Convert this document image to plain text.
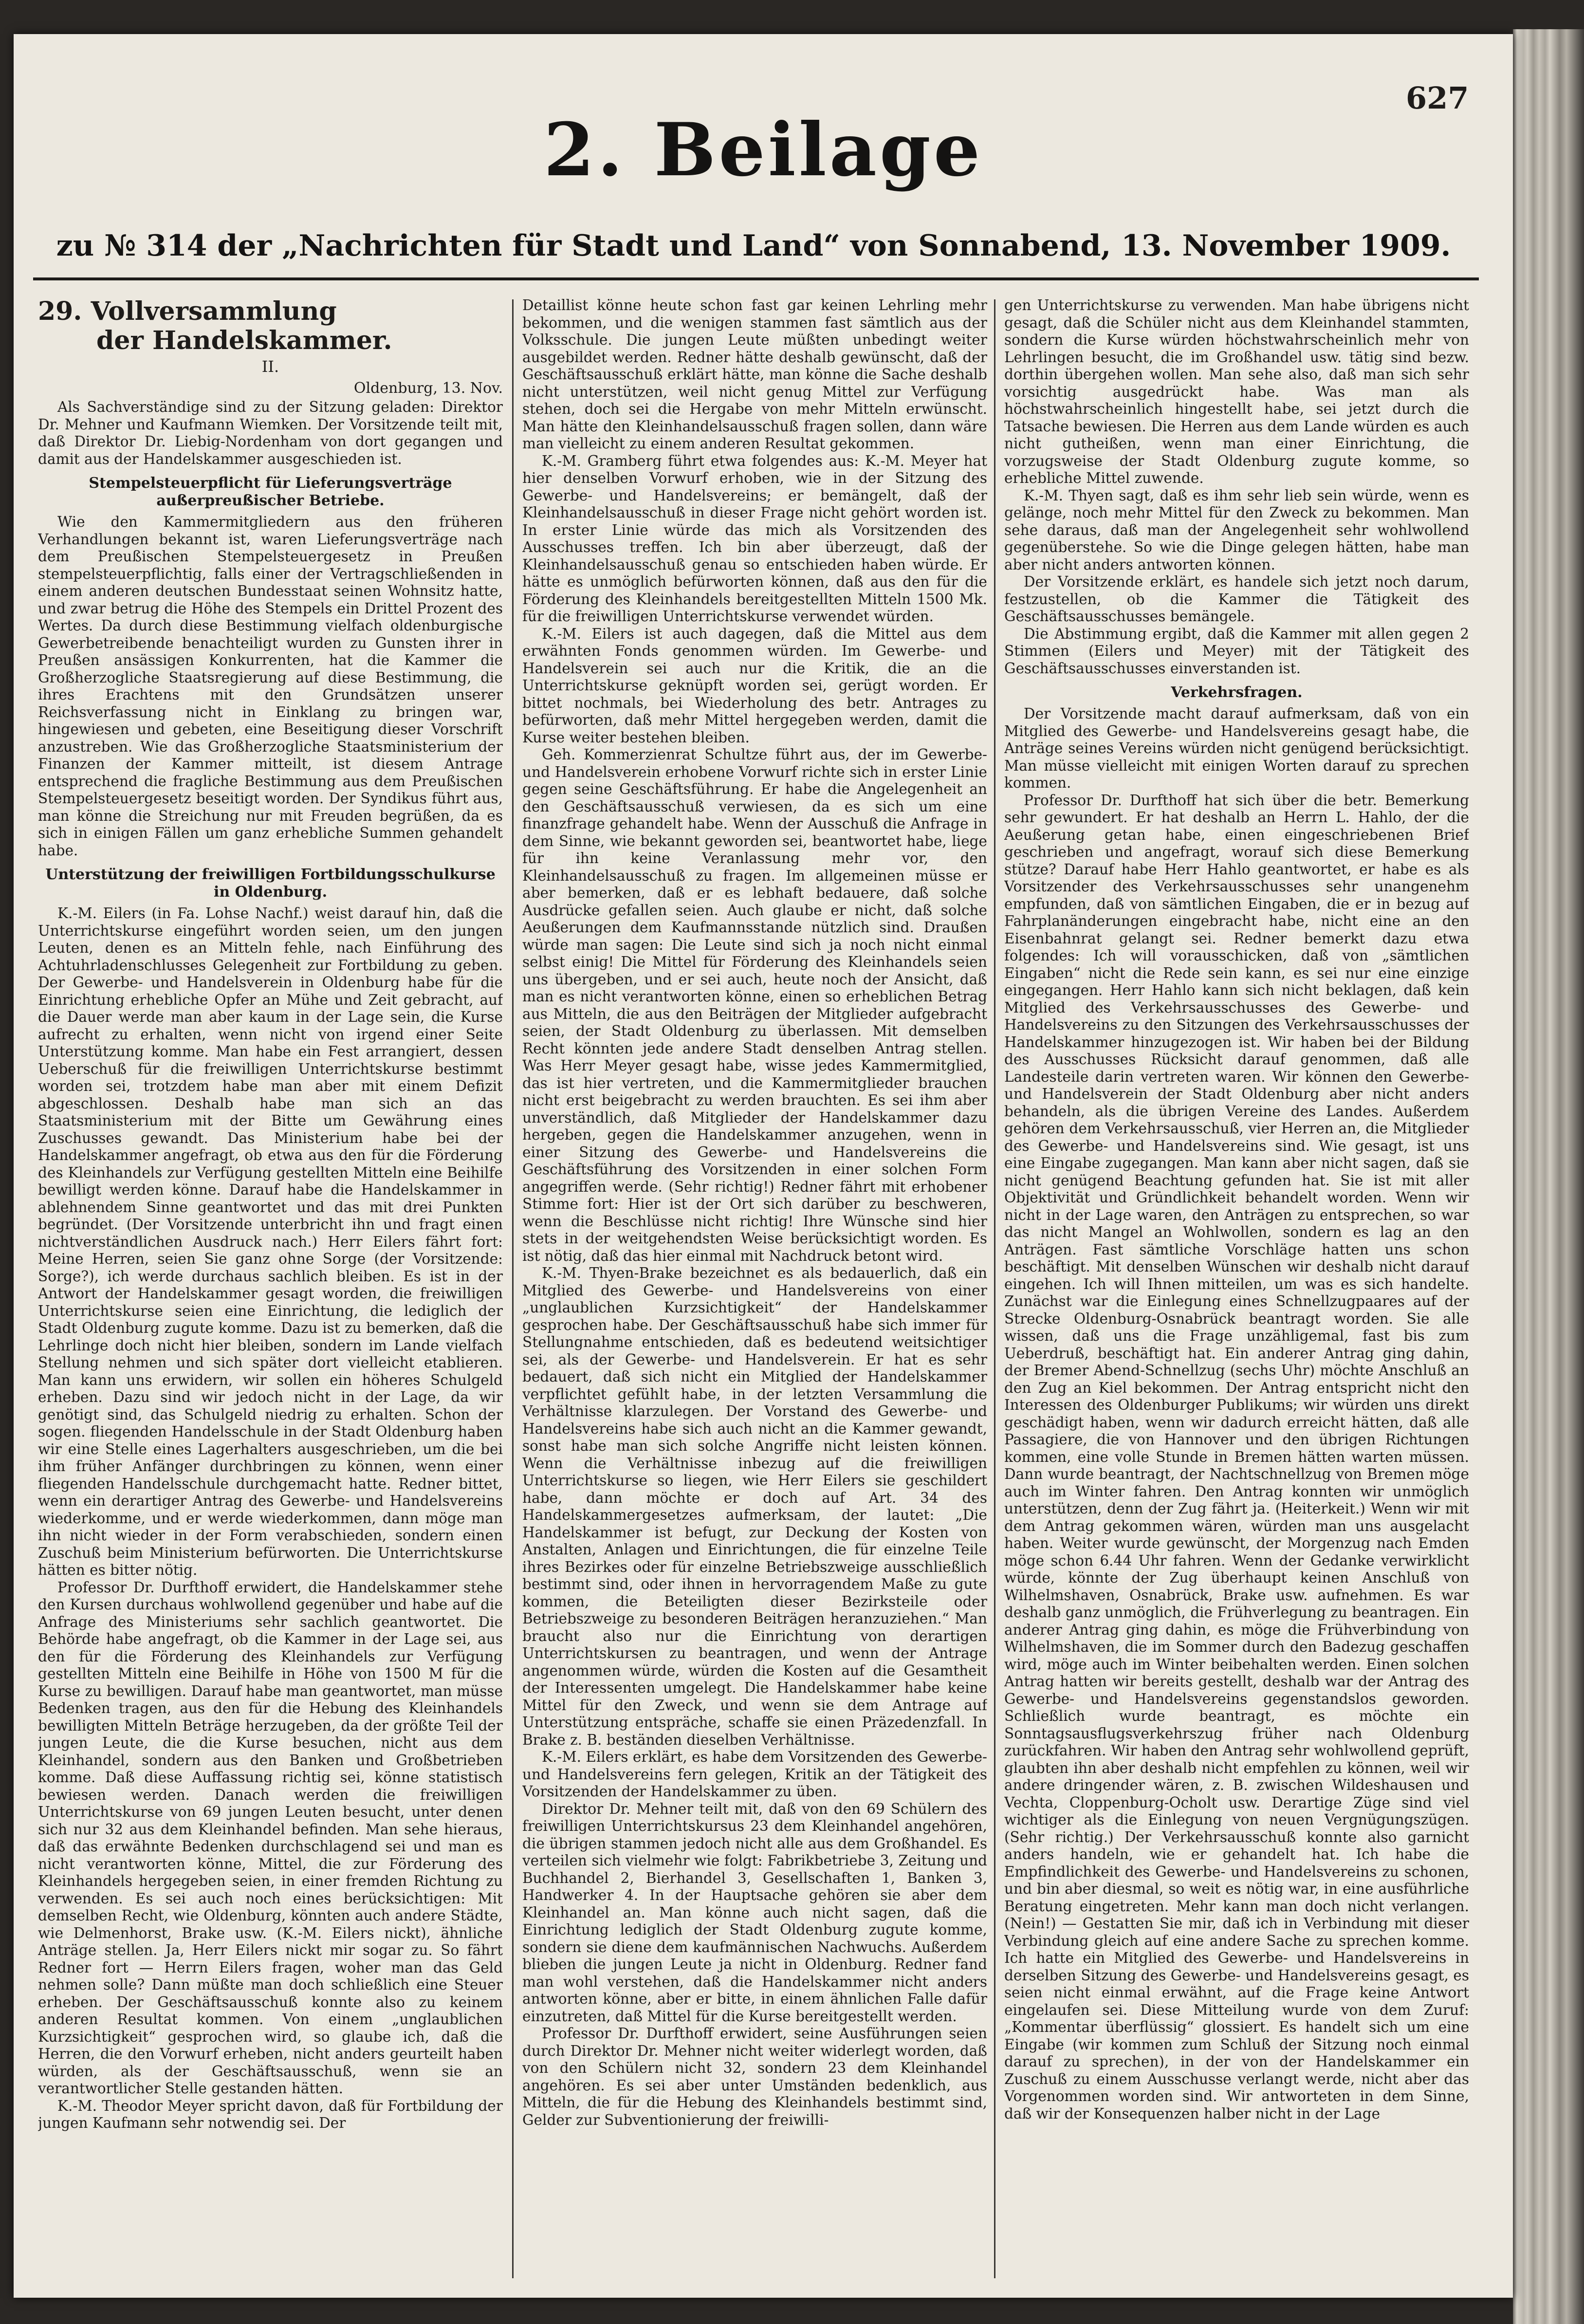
627
2. Beilage
zu № 314 der „Nachrichten für Stadt und Land“ von Sonnabend, 13. November 1909.
29. Vollversammlung
der Handelskammer.
II.
Oldenburg, 13. Nov.

Als Sachverständige sind zu der Sitzung geladen: Direktor Dr. Mehner und Kaufmann Wiemken. Der Vorsitzende teilt mit, daß Direktor Dr. Liebig-Nordenham von dort gegangen und damit aus der Handelskammer ausgeschieden ist.

Stempelsteuerpflicht für Lieferungsverträge außerpreußischer Betriebe.

Wie den Kammermitgliedern aus den früheren Verhandlungen bekannt ist, waren Lieferungsverträge nach dem Preußischen Stempelsteuergesetz in Preußen stempelsteuerpflichtig, falls einer der Vertragschließenden in einem anderen deutschen Bundesstaat seinen Wohnsitz hatte, und zwar betrug die Höhe des Stempels ein Drittel Prozent des Wertes. Da durch diese Bestimmung vielfach oldenburgische Gewerbetreibende benachteiligt wurden zu Gunsten ihrer in Preußen ansässigen Konkurrenten, hat die Kammer die Großherzogliche Staatsregierung auf diese Bestimmung, die ihres Erachtens mit den Grundsätzen unserer Reichsverfassung nicht in Einklang zu bringen war, hingewiesen und gebeten, eine Beseitigung dieser Vorschrift anzustreben. Wie das Großherzogliche Staatsministerium der Finanzen der Kammer mitteilt, ist diesem Antrage entsprechend die fragliche Bestimmung aus dem Preußischen Stempelsteuergesetz beseitigt worden. Der Syndikus führt aus, man könne die Streichung nur mit Freuden begrüßen, da es sich in einigen Fällen um ganz erhebliche Summen gehandelt habe.

Unterstützung der freiwilligen Fortbildungsschulkurse in Oldenburg.

K.-M. Eilers (in Fa. Lohse Nachf.) weist darauf hin, daß die Unterrichtskurse eingeführt worden seien, um den jungen Leuten, denen es an Mitteln fehle, nach Einführung des Achtuhrladenschlusses Gelegenheit zur Fortbildung zu geben. Der Gewerbe- und Handelsverein in Oldenburg habe für die Einrichtung erhebliche Opfer an Mühe und Zeit gebracht, auf die Dauer werde man aber kaum in der Lage sein, die Kurse aufrecht zu erhalten, wenn nicht von irgend einer Seite Unterstützung komme. Man habe ein Fest arrangiert, dessen Ueberschuß für die freiwilligen Unterrichtskurse bestimmt worden sei, trotzdem habe man aber mit einem Defizit abgeschlossen. Deshalb habe man sich an das Staatsministerium mit der Bitte um Gewährung eines Zuschusses gewandt. Das Ministerium habe bei der Handelskammer angefragt, ob etwa aus den für die Förderung des Kleinhandels zur Verfügung gestellten Mitteln eine Beihilfe bewilligt werden könne. Darauf habe die Handelskammer in ablehnendem Sinne geantwortet und das mit drei Punkten begründet. (Der Vorsitzende unterbricht ihn und fragt einen nichtverständlichen Ausdruck nach.) Herr Eilers fährt fort: Meine Herren, seien Sie ganz ohne Sorge (der Vorsitzende: Sorge?), ich werde durchaus sachlich bleiben. Es ist in der Antwort der Handelskammer gesagt worden, die freiwilligen Unterrichtskurse seien eine Einrichtung, die lediglich der Stadt Oldenburg zugute komme. Dazu ist zu bemerken, daß die Lehrlinge doch nicht hier bleiben, sondern im Lande vielfach Stellung nehmen und sich später dort vielleicht etablieren. Man kann uns erwidern, wir sollen ein höheres Schulgeld erheben. Dazu sind wir jedoch nicht in der Lage, da wir genötigt sind, das Schulgeld niedrig zu erhalten. Schon der sogen. fliegenden Handelsschule in der Stadt Oldenburg haben wir eine Stelle eines Lagerhalters ausgeschrieben, um die bei ihm früher Anfänger durchbringen zu können, wenn einer fliegenden Handelsschule durchgemacht hatte. Redner bittet, wenn ein derartiger Antrag des Gewerbe- und Handelsvereins wiederkomme, und er werde wiederkommen, dann möge man ihn nicht wieder in der Form verabschieden, sondern einen Zuschuß beim Ministerium befürworten. Die Unterrichtskurse hätten es bitter nötig.

Professor Dr. Durfthoff erwidert, die Handelskammer stehe den Kursen durchaus wohlwollend gegenüber und habe auf die Anfrage des Ministeriums sehr sachlich geantwortet. Die Behörde habe angefragt, ob die Kammer in der Lage sei, aus den für die Förderung des Kleinhandels zur Verfügung gestellten Mitteln eine Beihilfe in Höhe von 1500 M für die Kurse zu bewilligen. Darauf habe man geantwortet, man müsse Bedenken tragen, aus den für die Hebung des Kleinhandels bewilligten Mitteln Beträge herzugeben, da der größte Teil der jungen Leute, die die Kurse besuchen, nicht aus dem Kleinhandel, sondern aus den Banken und Großbetrieben komme. Daß diese Auffassung richtig sei, könne statistisch bewiesen werden. Danach werden die freiwilligen Unterrichtskurse von 69 jungen Leuten besucht, unter denen sich nur 32 aus dem Kleinhandel befinden. Man sehe hieraus, daß das erwähnte Bedenken durchschlagend sei und man es nicht verantworten könne, Mittel, die zur Förderung des Kleinhandels hergegeben seien, in einer fremden Richtung zu verwenden. Es sei auch noch eines berücksichtigen: Mit demselben Recht, wie Oldenburg, könnten auch andere Städte, wie Delmenhorst, Brake usw. (K.-M. Eilers nickt), ähnliche Anträge stellen. Ja, Herr Eilers nickt mir sogar zu. So fährt Redner fort — Herrn Eilers fragen, woher man das Geld nehmen solle? Dann müßte man doch schließlich eine Steuer erheben. Der Geschäftsausschuß konnte also zu keinem anderen Resultat kommen. Von einem „unglaublichen Kurzsichtigkeit“ gesprochen wird, so glaube ich, daß die Herren, die den Vorwurf erheben, nicht anders geurteilt haben würden, als der Geschäftsausschuß, wenn sie an verantwortlicher Stelle gestanden hätten.

K.-M. Theodor Meyer spricht davon, daß für Fortbildung der jungen Kaufmann sehr notwendig sei. Der

Detaillist könne heute schon fast gar keinen Lehrling mehr bekommen, und die wenigen stammen fast sämtlich aus der Volksschule. Die jungen Leute müßten unbedingt weiter ausgebildet werden. Redner hätte deshalb gewünscht, daß der Geschäftsausschuß erklärt hätte, man könne die Sache deshalb nicht unterstützen, weil nicht genug Mittel zur Verfügung stehen, doch sei die Hergabe von mehr Mitteln erwünscht. Man hätte den Kleinhandelsausschuß fragen sollen, dann wäre man vielleicht zu einem anderen Resultat gekommen.

K.-M. Gramberg führt etwa folgendes aus: K.-M. Meyer hat hier denselben Vorwurf erhoben, wie in der Sitzung des Gewerbe- und Handelsvereins; er bemängelt, daß der Kleinhandelsausschuß in dieser Frage nicht gehört worden ist. In erster Linie würde das mich als Vorsitzenden des Ausschusses treffen. Ich bin aber überzeugt, daß der Kleinhandelsausschuß genau so entschieden haben würde. Er hätte es unmöglich befürworten können, daß aus den für die Förderung des Kleinhandels bereitgestellten Mitteln 1500 Mk. für die freiwilligen Unterrichtskurse verwendet würden.

K.-M. Eilers ist auch dagegen, daß die Mittel aus dem erwähnten Fonds genommen würden. Im Gewerbe- und Handelsverein sei auch nur die Kritik, die an die Unterrichtskurse geknüpft worden sei, gerügt worden. Er bittet nochmals, bei Wiederholung des betr. Antrages zu befürworten, daß mehr Mittel hergegeben werden, damit die Kurse weiter bestehen bleiben.

Geh. Kommerzienrat Schultze führt aus, der im Gewerbe- und Handelsverein erhobene Vorwurf richte sich in erster Linie gegen seine Geschäftsführung. Er habe die Angelegenheit an den Geschäftsausschuß verwiesen, da es sich um eine finanzfrage gehandelt habe. Wenn der Ausschuß die Anfrage in dem Sinne, wie bekannt geworden sei, beantwortet habe, liege für ihn keine Veranlassung mehr vor, den Kleinhandelsausschuß zu fragen. Im allgemeinen müsse er aber bemerken, daß er es lebhaft bedauere, daß solche Ausdrücke gefallen seien. Auch glaube er nicht, daß solche Aeußerungen dem Kaufmannsstande nützlich sind. Draußen würde man sagen: Die Leute sind sich ja noch nicht einmal selbst einig! Die Mittel für Förderung des Kleinhandels seien uns übergeben, und er sei auch, heute noch der Ansicht, daß man es nicht verantworten könne, einen so erheblichen Betrag aus Mitteln, die aus den Beiträgen der Mitglieder aufgebracht seien, der Stadt Oldenburg zu überlassen. Mit demselben Recht könnten jede andere Stadt denselben Antrag stellen. Was Herr Meyer gesagt habe, wisse jedes Kammermitglied, das ist hier vertreten, und die Kammermitglieder brauchen nicht erst beigebracht zu werden brauchten. Es sei ihm aber unverständlich, daß Mitglieder der Handelskammer dazu hergeben, gegen die Handelskammer anzugehen, wenn in einer Sitzung des Gewerbe- und Handelsvereins die Geschäftsführung des Vorsitzenden in einer solchen Form angegriffen werde. (Sehr richtig!) Redner fährt mit erhobener Stimme fort: Hier ist der Ort sich darüber zu beschweren, wenn die Beschlüsse nicht richtig! Ihre Wünsche sind hier stets in der weitgehendsten Weise berücksichtigt worden. Es ist nötig, daß das hier einmal mit Nachdruck betont wird.

K.-M. Thyen-Brake bezeichnet es als bedauerlich, daß ein Mitglied des Gewerbe- und Handelsvereins von einer „unglaublichen Kurzsichtigkeit“ der Handelskammer gesprochen habe. Der Geschäftsausschuß habe sich immer für Stellungnahme entschieden, daß es bedeutend weitsichtiger sei, als der Gewerbe- und Handelsverein. Er hat es sehr bedauert, daß sich nicht ein Mitglied der Handelskammer verpflichtet gefühlt habe, in der letzten Versammlung die Verhältnisse klarzulegen. Der Vorstand des Gewerbe- und Handelsvereins habe sich auch nicht an die Kammer gewandt, sonst habe man sich solche Angriffe nicht leisten können. Wenn die Verhältnisse inbezug auf die freiwilligen Unterrichtskurse so liegen, wie Herr Eilers sie geschildert habe, dann möchte er doch auf Art. 34 des Handelskammergesetzes aufmerksam, der lautet: „Die Handelskammer ist befugt, zur Deckung der Kosten von Anstalten, Anlagen und Einrichtungen, die für einzelne Teile ihres Bezirkes oder für einzelne Betriebszweige ausschließlich bestimmt sind, oder ihnen in hervorragendem Maße zu gute kommen, die Beteiligten dieser Bezirksteile oder Betriebszweige zu besonderen Beiträgen heranzuziehen.“ Man braucht also nur die Einrichtung von derartigen Unterrichtskursen zu beantragen, und wenn der Antrage angenommen würde, würden die Kosten auf die Gesamtheit der Interessenten umgelegt. Die Handelskammer habe keine Mittel für den Zweck, und wenn sie dem Antrage auf Unterstützung entspräche, schaffe sie einen Präzedenzfall. In Brake z. B. beständen dieselben Verhältnisse.

K.-M. Eilers erklärt, es habe dem Vorsitzenden des Gewerbe- und Handelsvereins fern gelegen, Kritik an der Tätigkeit des Vorsitzenden der Handelskammer zu üben.

Direktor Dr. Mehner teilt mit, daß von den 69 Schülern des freiwilligen Unterrichtskursus 23 dem Kleinhandel angehören, die übrigen stammen jedoch nicht alle aus dem Großhandel. Es verteilen sich vielmehr wie folgt: Fabrikbetriebe 3, Zeitung und Buchhandel 2, Bierhandel 3, Gesellschaften 1, Banken 3, Handwerker 4. In der Hauptsache gehören sie aber dem Kleinhandel an. Man könne auch nicht sagen, daß die Einrichtung lediglich der Stadt Oldenburg zugute komme, sondern sie diene dem kaufmännischen Nachwuchs. Außerdem blieben die jungen Leute ja nicht in Oldenburg. Redner fand man wohl verstehen, daß die Handelskammer nicht anders antworten könne, aber er bitte, in einem ähnlichen Falle dafür einzutreten, daß Mittel für die Kurse bereitgestellt werden.

Professor Dr. Durfthoff erwidert, seine Ausführungen seien durch Direktor Dr. Mehner nicht weiter widerlegt worden, daß von den Schülern nicht 32, sondern 23 dem Kleinhandel angehören. Es sei aber unter Umständen bedenklich, aus Mitteln, die für die Hebung des Kleinhandels bestimmt sind, Gelder zur Subventionierung der freiwilli-

gen Unterrichtskurse zu verwenden. Man habe übrigens nicht gesagt, daß die Schüler nicht aus dem Kleinhandel stammten, sondern die Kurse würden höchstwahrscheinlich mehr von Lehrlingen besucht, die im Großhandel usw. tätig sind bezw. dorthin übergehen wollen. Man sehe also, daß man sich sehr vorsichtig ausgedrückt habe. Was man als höchstwahrscheinlich hingestellt habe, sei jetzt durch die Tatsache bewiesen. Die Herren aus dem Lande würden es auch nicht gutheißen, wenn man einer Einrichtung, die vorzugsweise der Stadt Oldenburg zugute komme, so erhebliche Mittel zuwende.

K.-M. Thyen sagt, daß es ihm sehr lieb sein würde, wenn es gelänge, noch mehr Mittel für den Zweck zu bekommen. Man sehe daraus, daß man der Angelegenheit sehr wohlwollend gegenüberstehe. So wie die Dinge gelegen hätten, habe man aber nicht anders antworten können.

Der Vorsitzende erklärt, es handele sich jetzt noch darum, festzustellen, ob die Kammer die Tätigkeit des Geschäftsausschusses bemängele.

Die Abstimmung ergibt, daß die Kammer mit allen gegen 2 Stimmen (Eilers und Meyer) mit der Tätigkeit des Geschäftsausschusses einverstanden ist.

Verkehrsfragen.

Der Vorsitzende macht darauf aufmerksam, daß von ein Mitglied des Gewerbe- und Handelsvereins gesagt habe, die Anträge seines Vereins würden nicht genügend berücksichtigt. Man müsse vielleicht mit einigen Worten darauf zu sprechen kommen.

Professor Dr. Durfthoff hat sich über die betr. Bemerkung sehr gewundert. Er hat deshalb an Herrn L. Hahlo, der die Aeußerung getan habe, einen eingeschriebenen Brief geschrieben und angefragt, worauf sich diese Bemerkung stütze? Darauf habe Herr Hahlo geantwortet, er habe es als Vorsitzender des Verkehrsausschusses sehr unangenehm empfunden, daß von sämtlichen Eingaben, die er in bezug auf Fahrplanänderungen eingebracht habe, nicht eine an den Eisenbahnrat gelangt sei. Redner bemerkt dazu etwa folgendes: Ich will vorausschicken, daß von „sämtlichen Eingaben“ nicht die Rede sein kann, es sei nur eine einzige eingegangen. Herr Hahlo kann sich nicht beklagen, daß kein Mitglied des Verkehrsausschusses des Gewerbe- und Handelsvereins zu den Sitzungen des Verkehrsausschusses der Handelskammer hinzugezogen ist. Wir haben bei der Bildung des Ausschusses Rücksicht darauf genommen, daß alle Landesteile darin vertreten waren. Wir können den Gewerbe- und Handelsverein der Stadt Oldenburg aber nicht anders behandeln, als die übrigen Vereine des Landes. Außerdem gehören dem Verkehrsausschuß, vier Herren an, die Mitglieder des Gewerbe- und Handelsvereins sind. Wie gesagt, ist uns eine Eingabe zugegangen. Man kann aber nicht sagen, daß sie nicht genügend Beachtung gefunden hat. Sie ist mit aller Objektivität und Gründlichkeit behandelt worden. Wenn wir nicht in der Lage waren, den Anträgen zu entsprechen, so war das nicht Mangel an Wohlwollen, sondern es lag an den Anträgen. Fast sämtliche Vorschläge hatten uns schon beschäftigt. Mit denselben Wünschen wir deshalb nicht darauf eingehen. Ich will Ihnen mitteilen, um was es sich handelte. Zunächst war die Einlegung eines Schnellzugpaares auf der Strecke Oldenburg-Osnabrück beantragt worden. Sie alle wissen, daß uns die Frage unzähligemal, fast bis zum Ueberdruß, beschäftigt hat. Ein anderer Antrag ging dahin, der Bremer Abend-Schnellzug (sechs Uhr) möchte Anschluß an den Zug an Kiel bekommen. Der Antrag entspricht nicht den Interessen des Oldenburger Publikums; wir würden uns direkt geschädigt haben, wenn wir dadurch erreicht hätten, daß alle Passagiere, die von Hannover und den übrigen Richtungen kommen, eine volle Stunde in Bremen hätten warten müssen. Dann wurde beantragt, der Nachtschnellzug von Bremen möge auch im Winter fahren. Den Antrag konnten wir unmöglich unterstützen, denn der Zug fährt ja. (Heiterkeit.) Wenn wir mit dem Antrag gekommen wären, würden man uns ausgelacht haben. Weiter wurde gewünscht, der Morgenzug nach Emden möge schon 6.44 Uhr fahren. Wenn der Gedanke verwirklicht würde, könnte der Zug überhaupt keinen Anschluß von Wilhelmshaven, Osnabrück, Brake usw. aufnehmen. Es war deshalb ganz unmöglich, die Frühverlegung zu beantragen. Ein anderer Antrag ging dahin, es möge die Frühverbindung von Wilhelmshaven, die im Sommer durch den Badezug geschaffen wird, möge auch im Winter beibehalten werden. Einen solchen Antrag hatten wir bereits gestellt, deshalb war der Antrag des Gewerbe- und Handelsvereins gegenstandslos geworden. Schließlich wurde beantragt, es möchte ein Sonntagsausflugsverkehrszug früher nach Oldenburg zurückfahren. Wir haben den Antrag sehr wohlwollend geprüft, glaubten ihn aber deshalb nicht empfehlen zu können, weil wir andere dringender wären, z. B. zwischen Wildeshausen und Vechta, Cloppenburg-Ocholt usw. Derartige Züge sind viel wichtiger als die Einlegung von neuen Vergnügungszügen. (Sehr richtig.) Der Verkehrsausschuß konnte also garnicht anders handeln, wie er gehandelt hat. Ich habe die Empfindlichkeit des Gewerbe- und Handelsvereins zu schonen, und bin aber diesmal, so weit es nötig war, in eine ausführliche Beratung eingetreten. Mehr kann man doch nicht verlangen. (Nein!) — Gestatten Sie mir, daß ich in Verbindung mit dieser Verbindung gleich auf eine andere Sache zu sprechen komme. Ich hatte ein Mitglied des Gewerbe- und Handelsvereins in derselben Sitzung des Gewerbe- und Handelsvereins gesagt, es seien nicht einmal erwähnt, auf die Frage keine Antwort eingelaufen sei. Diese Mitteilung wurde von dem Zuruf: „Kommentar überflüssig“ glossiert. Es handelt sich um eine Eingabe (wir kommen zum Schluß der Sitzung noch einmal darauf zu sprechen), in der von der Handelskammer ein Zuschuß zu einem Ausschusse verlangt werde, nicht aber das Vorgenommen worden sind. Wir antworteten in dem Sinne, daß wir der Konsequenzen halber nicht in der Lage
